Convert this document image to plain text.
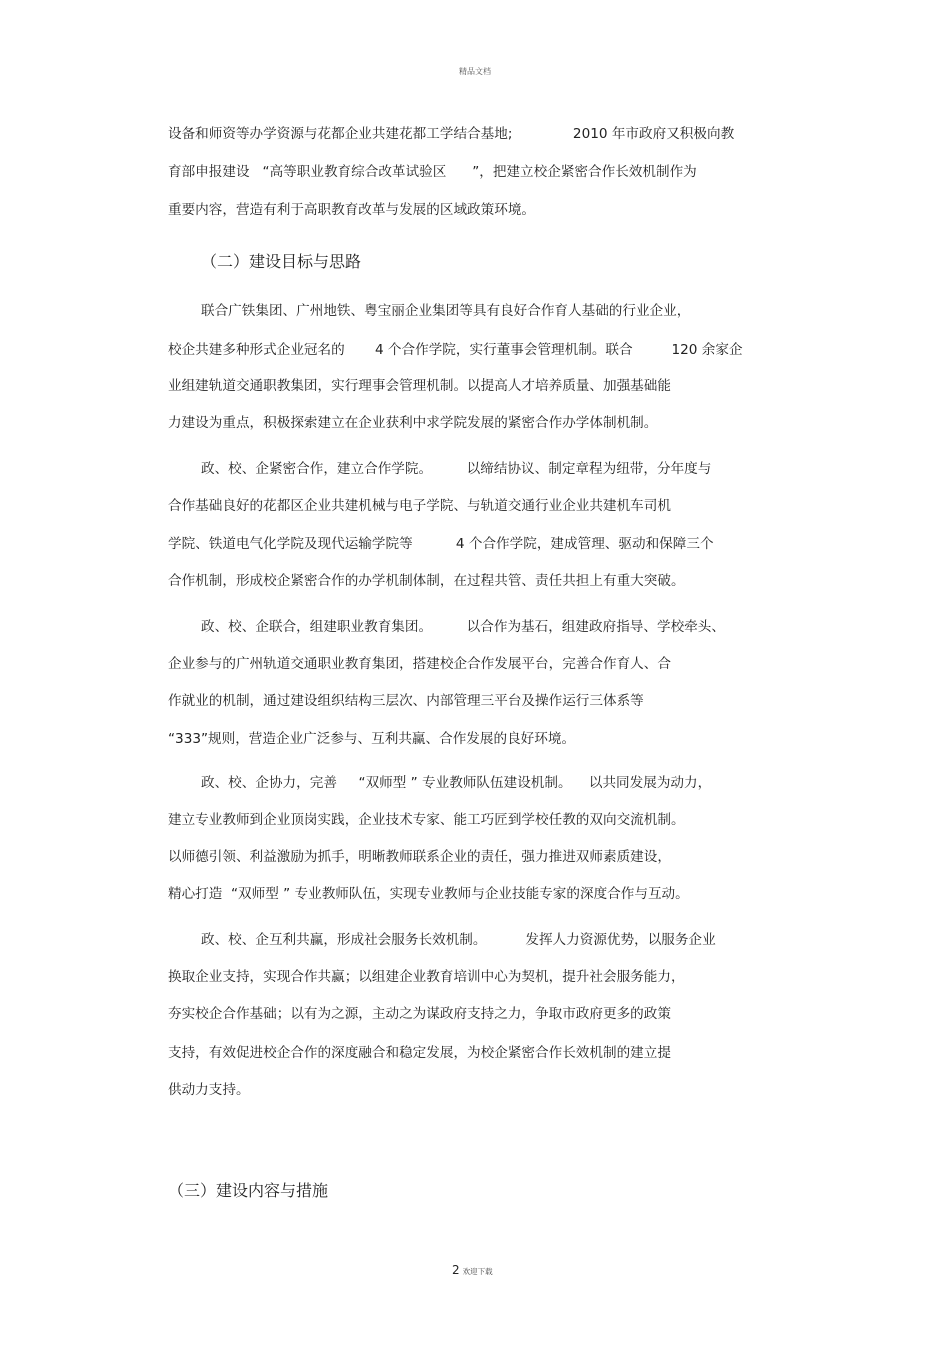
精品文档
设备和师资等办学资源与花都企业共建花都工学结合基地;              2010 年市政府又积极向教
育部申报建设   “高等职业教育综合改革试验区      ”，把建立校企紧密合作长效机制作为
重要内容，营造有利于高职教育改革与发展的区域政策环境。
（二）建设目标与思路
联合广铁集团、广州地铁、粤宝丽企业集团等具有良好合作育人基础的行业企业，
校企共建多种形式企业冠名的       4 个合作学院，实行董事会管理机制。联合         120 余家企
业组建轨道交通职教集团，实行理事会管理机制。以提高人才培养质量、加强基础能
力建设为重点，积极探索建立在企业获利中求学院发展的紧密合作办学体制机制。
政、校、企紧密合作，建立合作学院。        以缔结协议、制定章程为纽带，分年度与
合作基础良好的花都区企业共建机械与电子学院、与轨道交通行业企业共建机车司机
学院、铁道电气化学院及现代运输学院等          4 个合作学院，建成管理、驱动和保障三个
合作机制，形成校企紧密合作的办学机制体制，在过程共管、责任共担上有重大突破。
政、校、企联合，组建职业教育集团。        以合作为基石，组建政府指导、学校牵头、
企业参与的广州轨道交通职业教育集团，搭建校企合作发展平台，完善合作育人、合
作就业的机制，通过建设组织结构三层次、内部管理三平台及操作运行三体系等
“333”规则，营造企业广泛参与、互利共赢、合作发展的良好环境。
政、校、企协力，完善     “双师型 ” 专业教师队伍建设机制。    以共同发展为动力，
建立专业教师到企业顶岗实践，企业技术专家、能工巧匠到学校任教的双向交流机制。
以师德引领、利益激励为抓手，明晰教师联系企业的责任，强力推进双师素质建设，
精心打造  “双师型 ” 专业教师队伍，实现专业教师与企业技能专家的深度合作与互动。
政、校、企互利共赢，形成社会服务长效机制。         发挥人力资源优势，以服务企业
换取企业支持，实现合作共赢；以组建企业教育培训中心为契机，提升社会服务能力，
夯实校企合作基础；以有为之源，主动之为谋政府支持之力，争取市政府更多的政策
支持，有效促进校企合作的深度融合和稳定发展，为校企紧密合作长效机制的建立提
供动力支持。
（三）建设内容与措施
2 欢迎下载
